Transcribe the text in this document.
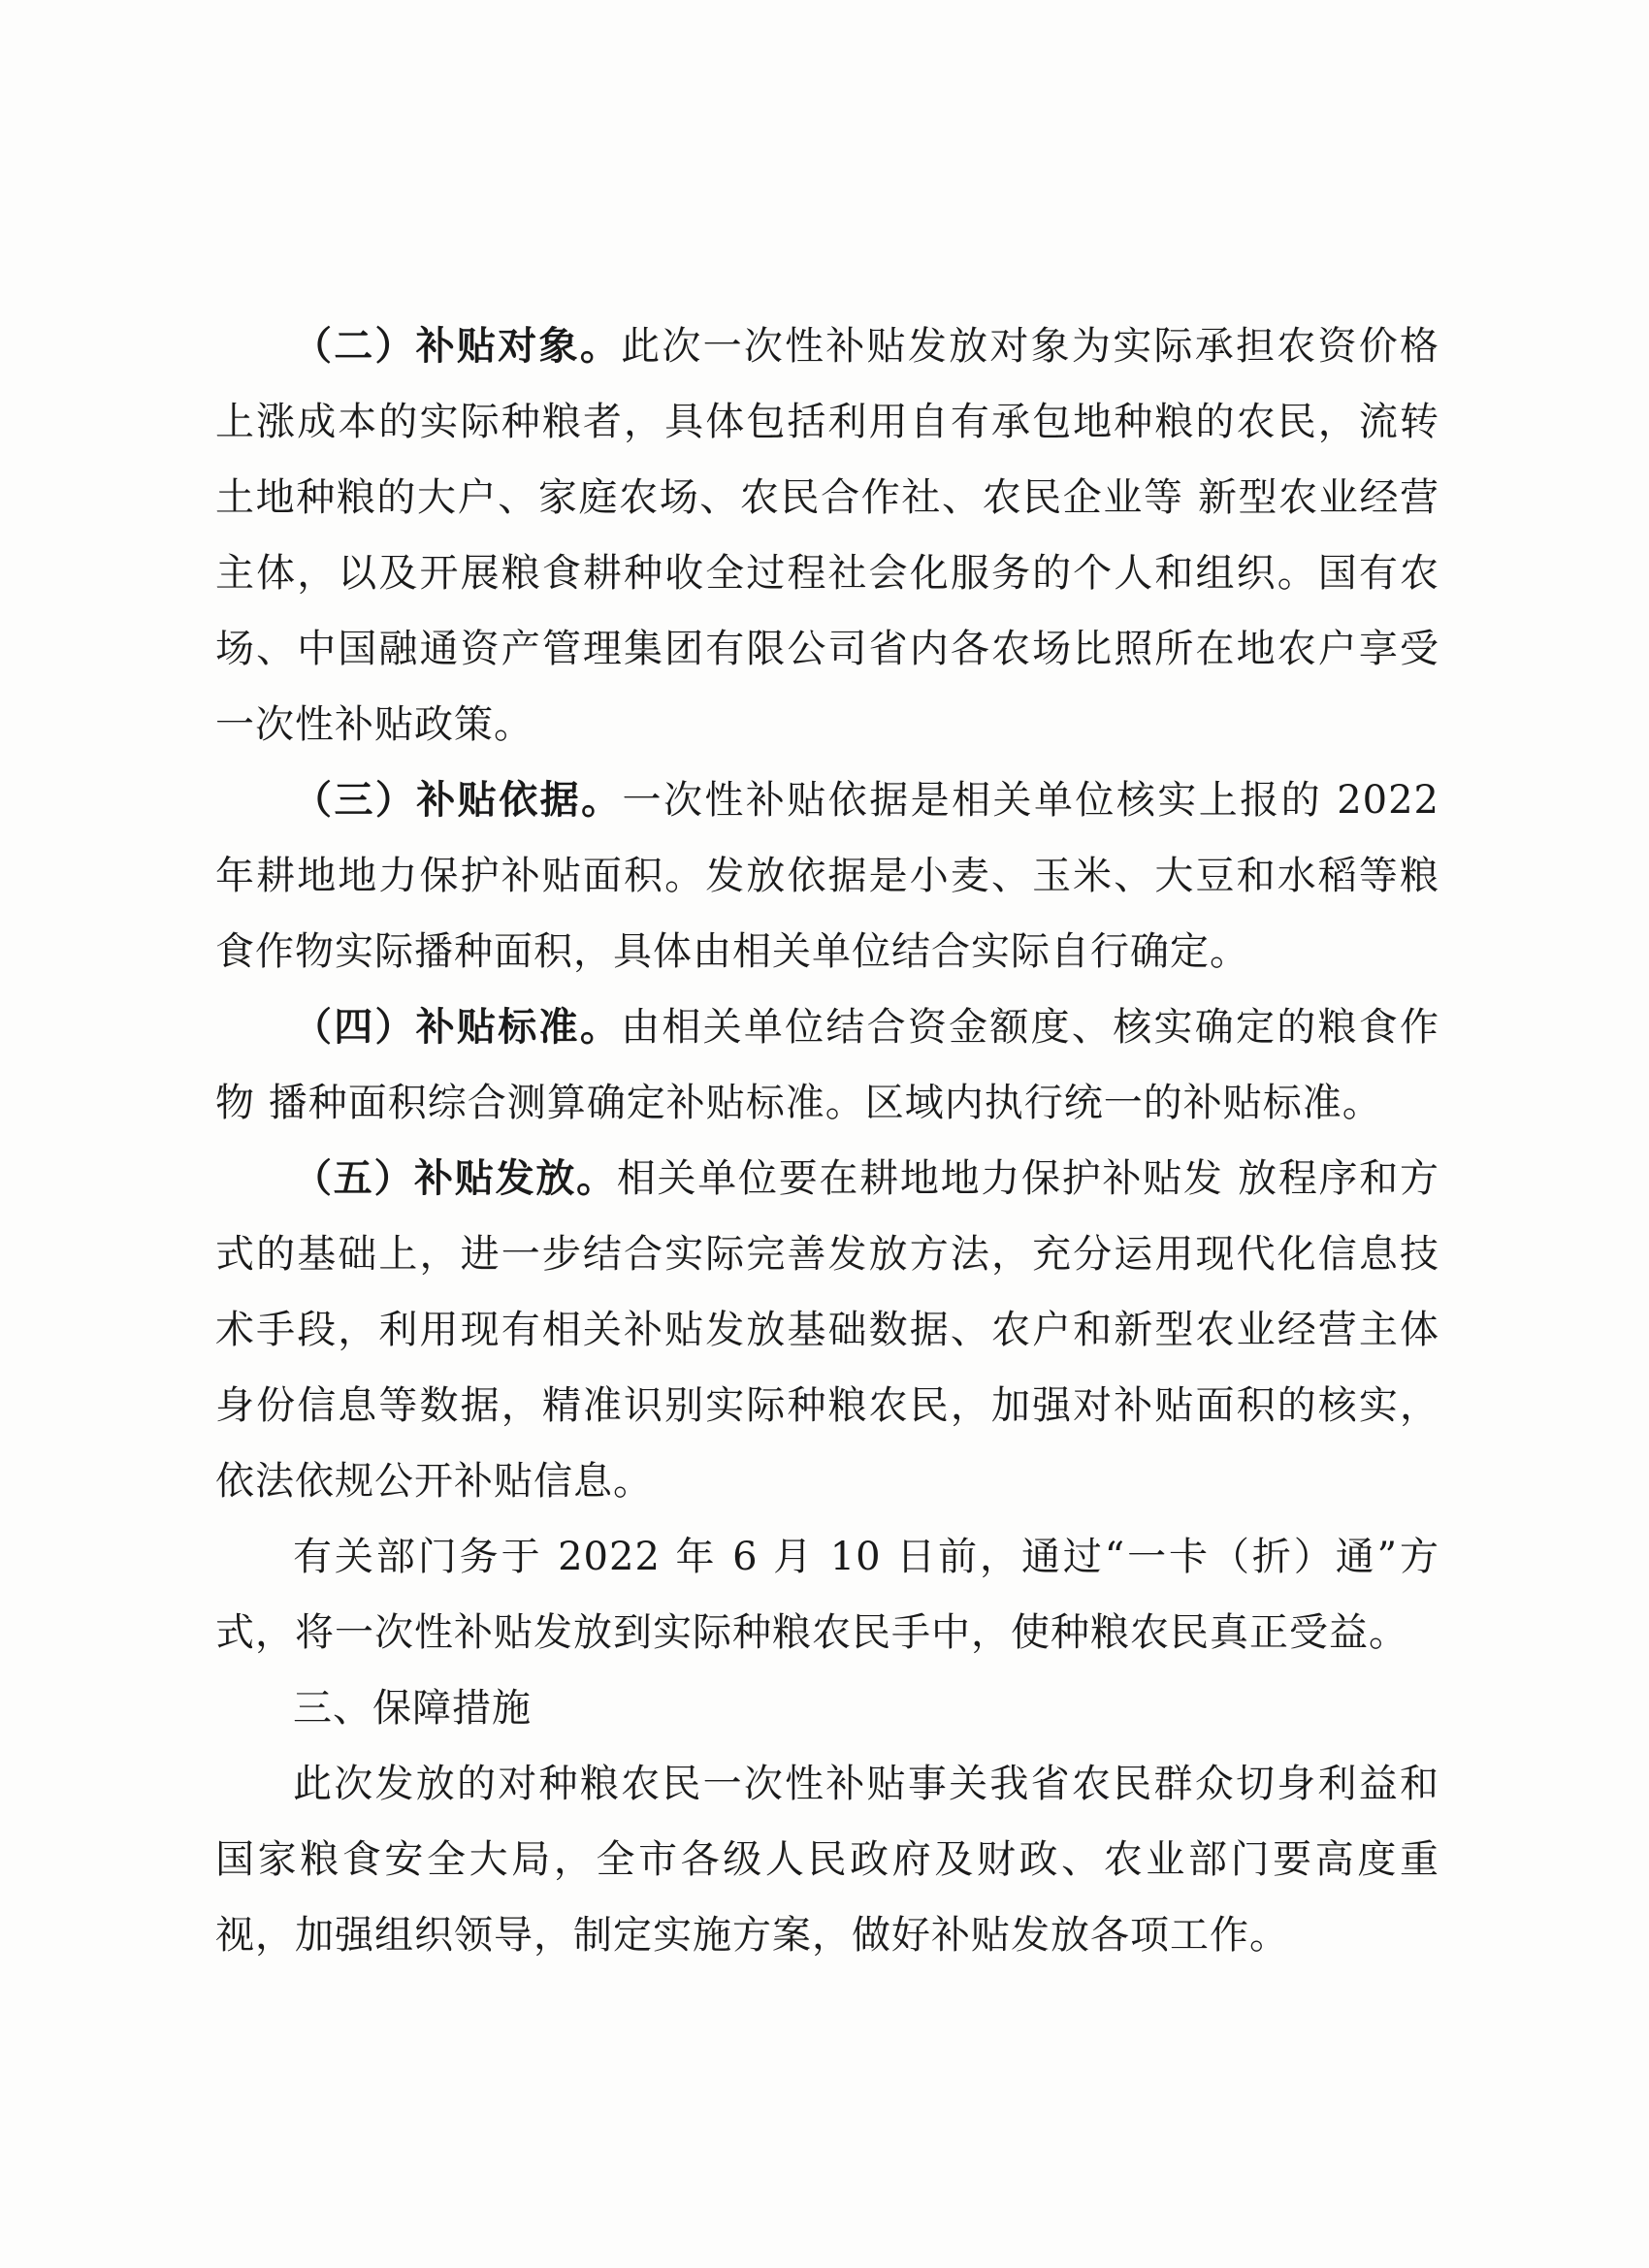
（二）补贴对象。此次一次性补贴发放对象为实际承担农资价格上涨成本的实际种粮者，具体包括利用自有承包地种粮的农民，流转土地种粮的大户、家庭农场、农民合作社、农民企业等 新型农业经营主体，以及开展粮食耕种收全过程社会化服务的个人和组织。国有农场、中国融通资产管理集团有限公司省内各农场比照所在地农户享受一次性补贴政策。

（三）补贴依据。一次性补贴依据是相关单位核实上报的 2022 年耕地地力保护补贴面积。发放依据是小麦、玉米、大豆和水稻等粮食作物实际播种面积，具体由相关单位结合实际自行确定。

（四）补贴标准。由相关单位结合资金额度、核实确定的粮食作物 播种面积综合测算确定补贴标准。区域内执行统一的补贴标准。

（五）补贴发放。相关单位要在耕地地力保护补贴发 放程序和方式的基础上，进一步结合实际完善发放方法，充分运用现代化信息技术手段，利用现有相关补贴发放基础数据、农户和新型农业经营主体身份信息等数据，精准识别实际种粮农民，加强对补贴面积的核实，依法依规公开补贴信息。

有关部门务于 2022 年 6 月 10 日前，通过“一卡（折）通”方式，将一次性补贴发放到实际种粮农民手中，使种粮农民真正受益。

三、保障措施

此次发放的对种粮农民一次性补贴事关我省农民群众切身利益和国家粮食安全大局，全市各级人民政府及财政、农业部门要高度重视，加强组织领导，制定实施方案，做好补贴发放各项工作。
